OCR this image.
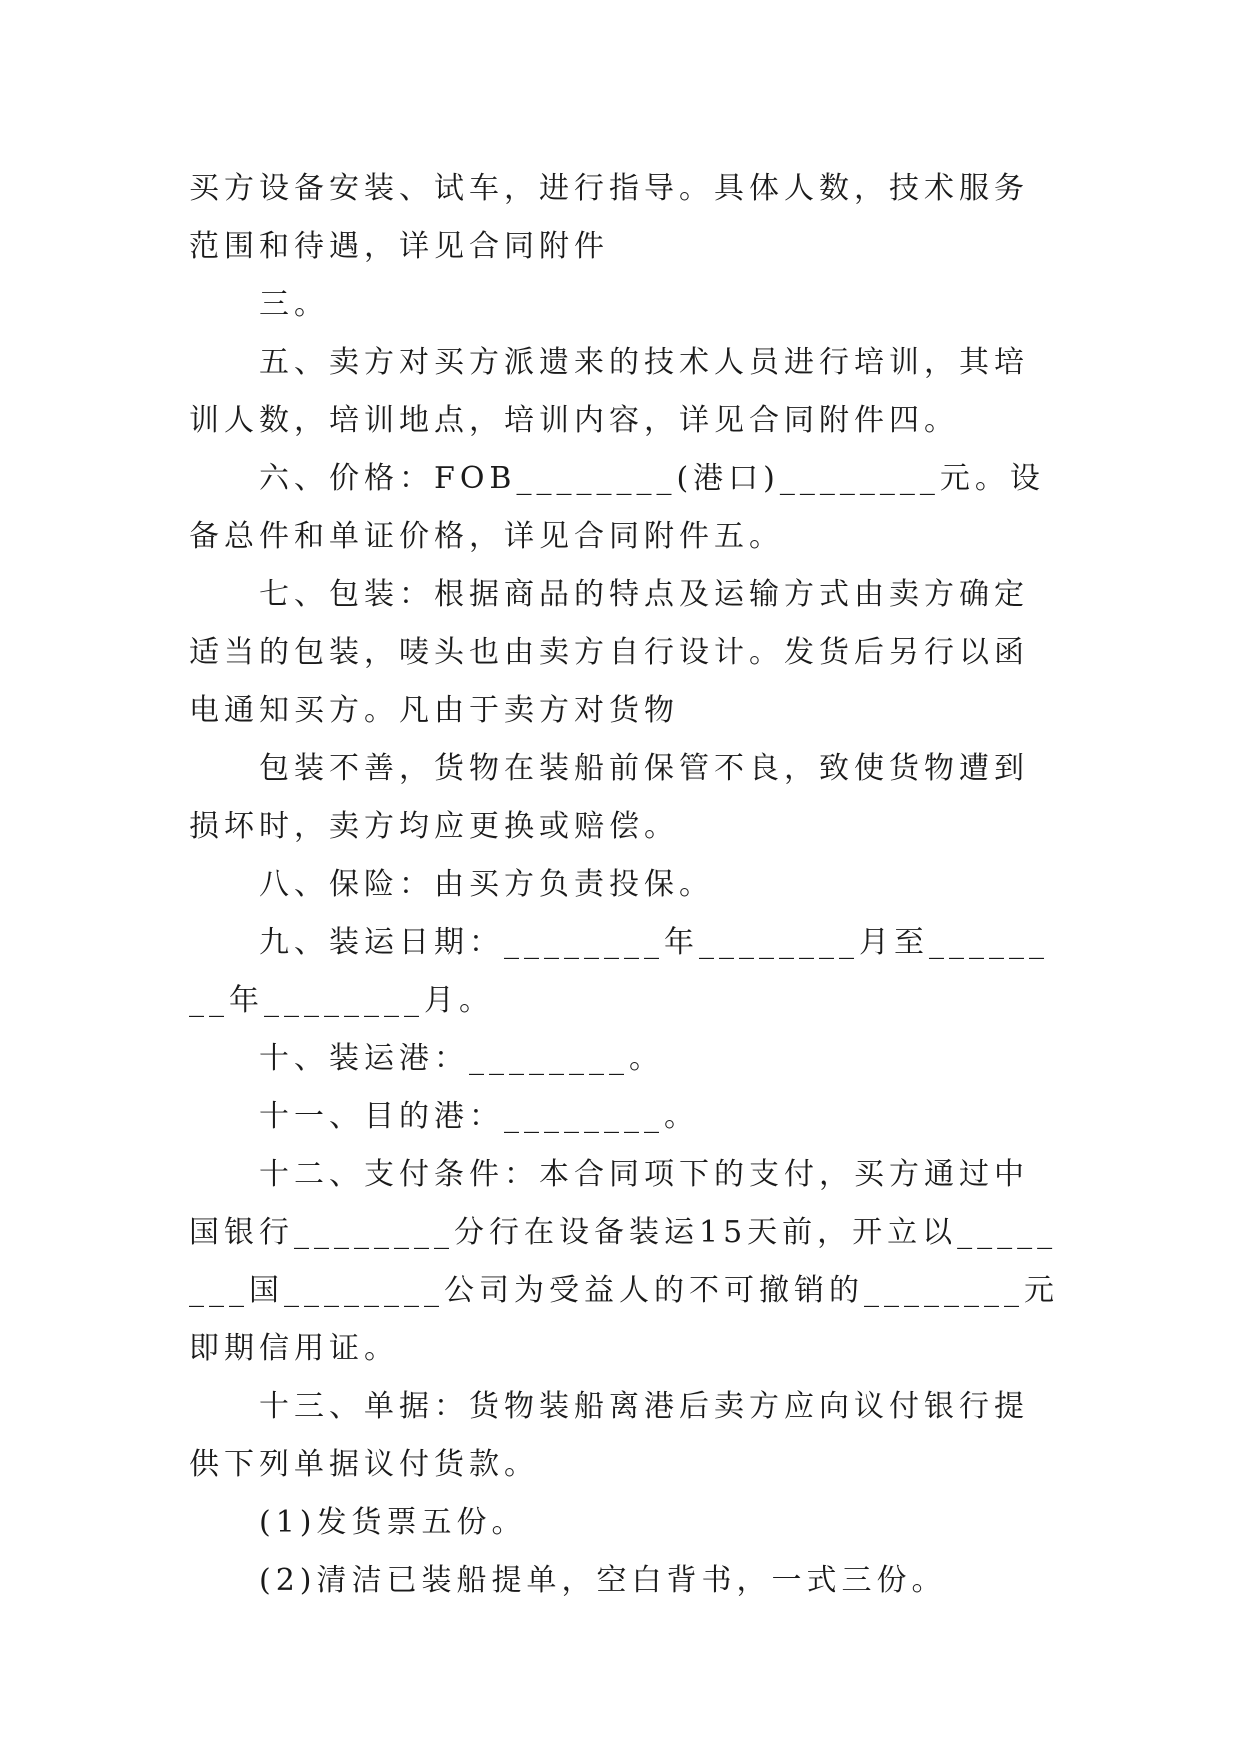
买方设备安装、试车，进行指导。具体人数，技术服务范围和待遇，详见合同附件

三。

五、卖方对买方派遗来的技术人员进行培训，其培训人数，培训地点，培训内容，详见合同附件四。

六、价格：FOB________(港口)________元。设备总件和单证价格，详见合同附件五。

七、包装：根据商品的特点及运输方式由卖方确定适当的包装，唛头也由卖方自行设计。发货后另行以函电通知买方。凡由于卖方对货物

包装不善，货物在装船前保管不良，致使货物遭到损坏时，卖方均应更换或赔偿。

八、保险：由买方负责投保。

九、装运日期：________年________月至________年________月。

十、装运港：________。

十一、目的港：________。

十二、支付条件：本合同项下的支付，买方通过中国银行________分行在设备装运15天前，开立以________国________公司为受益人的不可撤销的________元即期信用证。

十三、单据：货物装船离港后卖方应向议付银行提供下列单据议付货款。

(1)发货票五份。

(2)清洁已装船提单，空白背书，一式三份。
